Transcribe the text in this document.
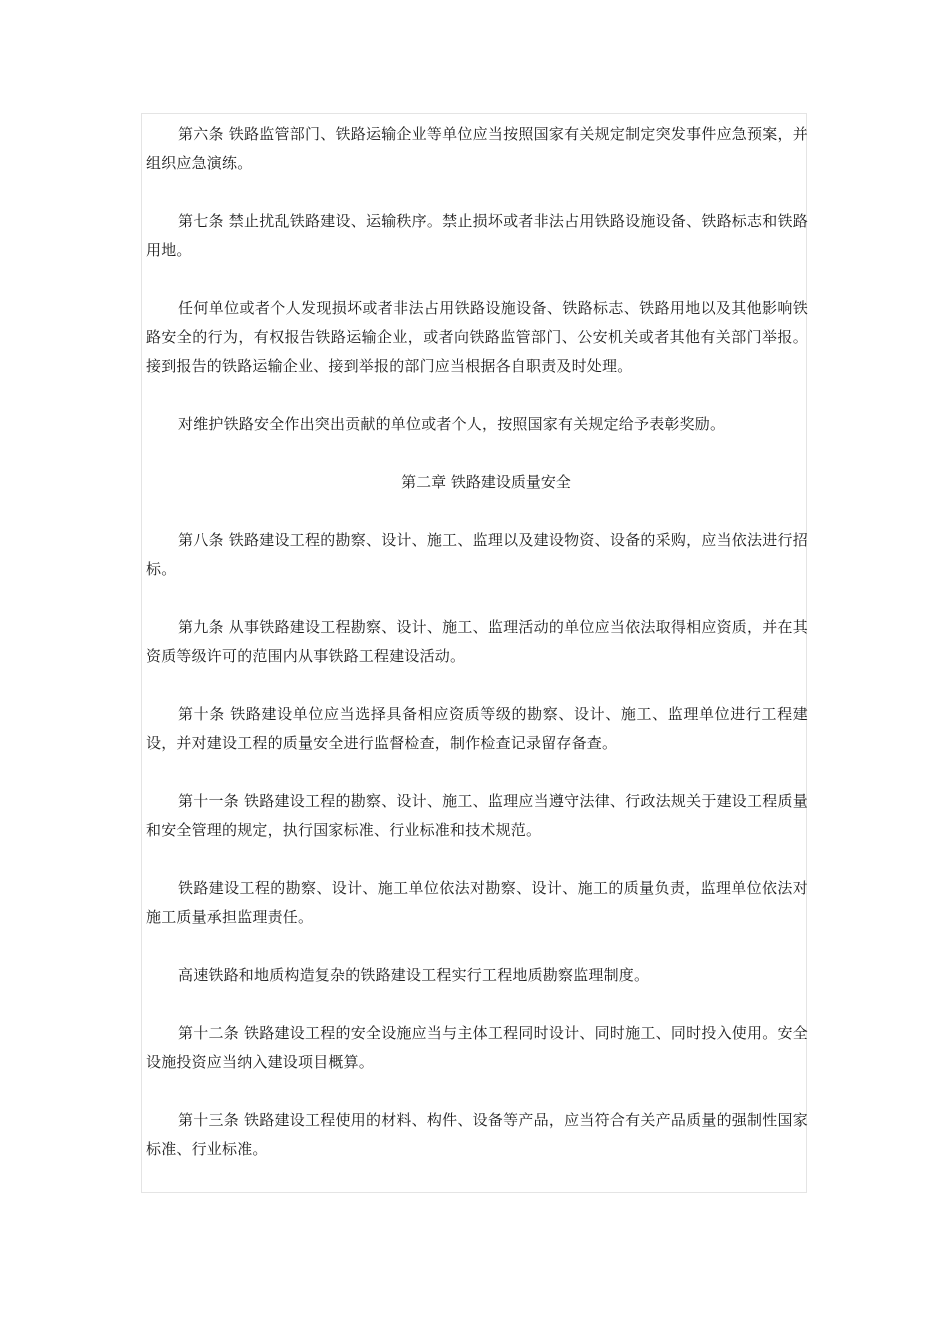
第六条 铁路监管部门、铁路运输企业等单位应当按照国家有关规定制定突发事件应急预案，并组织应急演练。

第七条 禁止扰乱铁路建设、运输秩序。禁止损坏或者非法占用铁路设施设备、铁路标志和铁路用地。

任何单位或者个人发现损坏或者非法占用铁路设施设备、铁路标志、铁路用地以及其他影响铁路安全的行为，有权报告铁路运输企业，或者向铁路监管部门、公安机关或者其他有关部门举报。接到报告的铁路运输企业、接到举报的部门应当根据各自职责及时处理。

对维护铁路安全作出突出贡献的单位或者个人，按照国家有关规定给予表彰奖励。

第二章 铁路建设质量安全

第八条 铁路建设工程的勘察、设计、施工、监理以及建设物资、设备的采购，应当依法进行招标。

第九条 从事铁路建设工程勘察、设计、施工、监理活动的单位应当依法取得相应资质，并在其资质等级许可的范围内从事铁路工程建设活动。

第十条 铁路建设单位应当选择具备相应资质等级的勘察、设计、施工、监理单位进行工程建设，并对建设工程的质量安全进行监督检查，制作检查记录留存备查。

第十一条 铁路建设工程的勘察、设计、施工、监理应当遵守法律、行政法规关于建设工程质量和安全管理的规定，执行国家标准、行业标准和技术规范。

铁路建设工程的勘察、设计、施工单位依法对勘察、设计、施工的质量负责，监理单位依法对施工质量承担监理责任。

高速铁路和地质构造复杂的铁路建设工程实行工程地质勘察监理制度。

第十二条 铁路建设工程的安全设施应当与主体工程同时设计、同时施工、同时投入使用。安全设施投资应当纳入建设项目概算。

第十三条 铁路建设工程使用的材料、构件、设备等产品，应当符合有关产品质量的强制性国家标准、行业标准。
